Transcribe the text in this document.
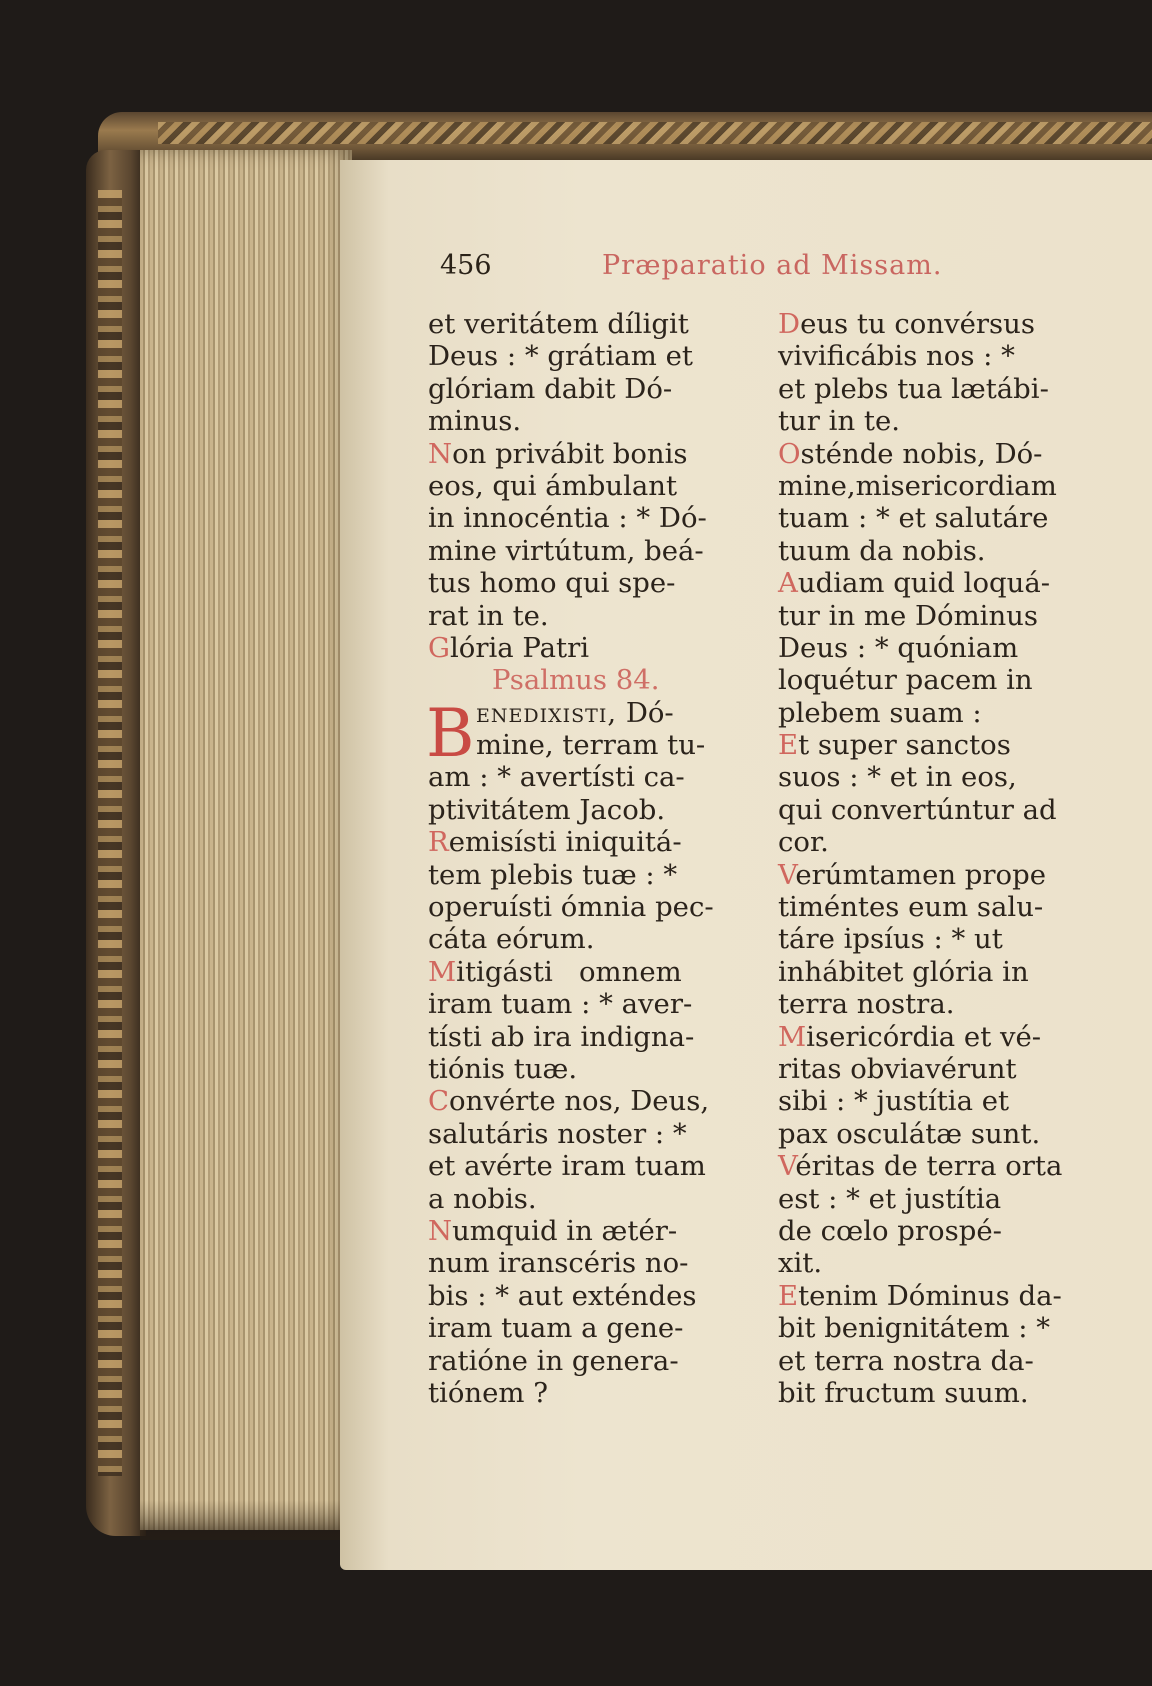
456	Præparatio ad Missam.
et veritátem díligit
Deus : * grátiam et
glóriam dabit Dó-
minus.
Non privábit bonis
eos, qui ámbulant
in innocéntia : * Dó-
mine virtútum, beá-
tus homo qui spe-
rat in te.
Glória Patri
Psalmus 84.
B enedixisti, Dó-
mine, terram tu-
am : * avertísti ca-
ptivitátem Jacob.
Remisísti iniquitá-
tem plebis tuæ : *
operuísti ómnia pec-
cáta eórum.
Mitigásti   omnem
iram tuam : * aver-
tísti ab ira indigna-
tiónis tuæ.
Convérte nos, Deus,
salutáris noster : *
et avérte iram tuam
a nobis.
Numquid in ætér-
num iranscéris no-
bis : * aut exténdes
iram tuam a gene-
ratióne in genera-
tiónem ?
Deus tu convérsus
vivificábis nos : *
et plebs tua lætábi-
tur in te.
Osténde nobis, Dó-
mine,misericordiam
tuam : * et salutáre
tuum da nobis.
Audiam quid loquá-
tur in me Dóminus
Deus : * quóniam
loquétur pacem in
plebem suam :
Et super sanctos
suos : * et in eos,
qui convertúntur ad
cor.
Verúmtamen prope
timéntes eum salu-
táre ipsíus : * ut
inhábitet glória in
terra nostra.
Misericórdia et vé-
ritas obviavérunt
sibi : * justítia et
pax osculátæ sunt.
Véritas de terra orta
est : * et justítia
de cœlo prospé-
xit.
Etenim Dóminus da-
bit benignitátem : *
et terra nostra da-
bit fructum suum.
